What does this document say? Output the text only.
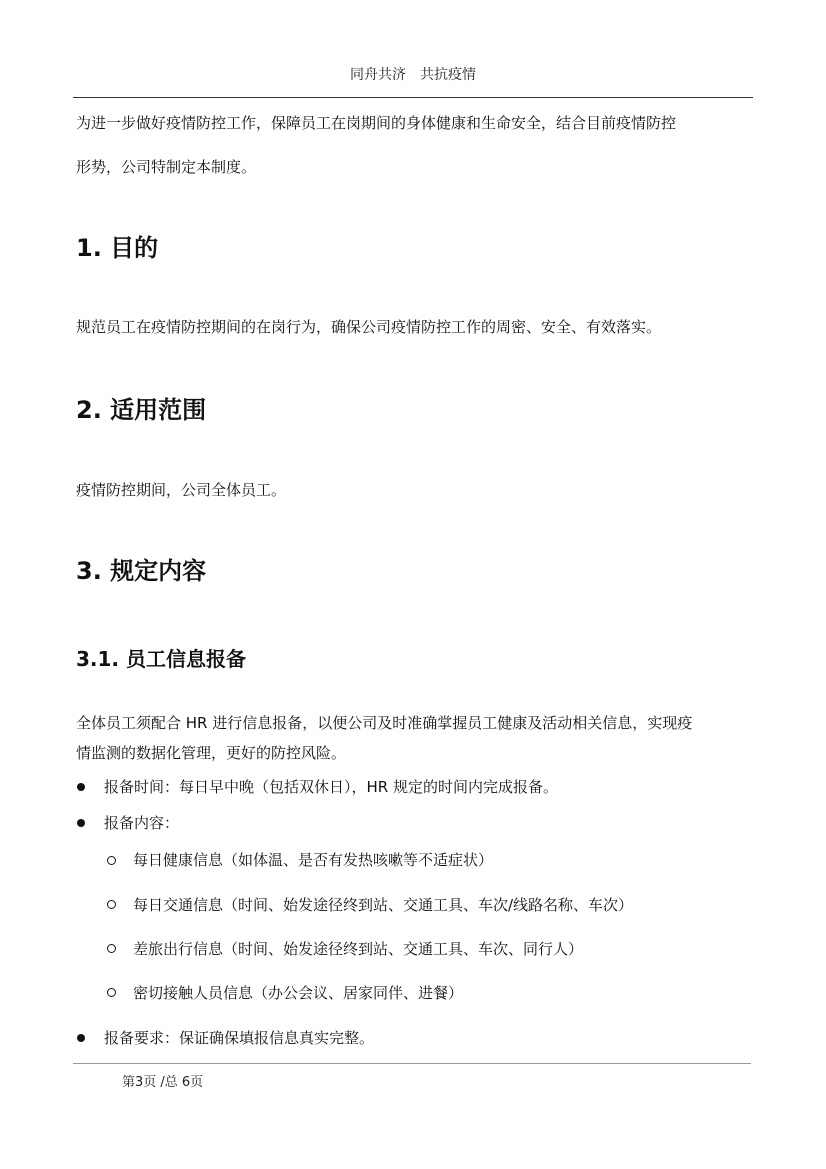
同舟共济　共抗疫情
为进一步做好疫情防控工作，保障员工在岗期间的身体健康和生命安全，结合目前疫情防控
形势，公司特制定本制度。
1. 目的
规范员工在疫情防控期间的在岗行为，确保公司疫情防控工作的周密、安全、有效落实。
2. 适用范围
疫情防控期间，公司全体员工。
3. 规定内容
3.1. 员工信息报备
全体员工须配合 HR 进行信息报备，以便公司及时准确掌握员工健康及活动相关信息，实现疫
情监测的数据化管理，更好的防控风险。
报备时间：每日早中晚（包括双休日），HR 规定的时间内完成报备。
报备内容：
每日健康信息（如体温、是否有发热咳嗽等不适症状）
每日交通信息（时间、始发途径终到站、交通工具、车次/线路名称、车次）
差旅出行信息（时间、始发途径终到站、交通工具、车次、同行人）
密切接触人员信息（办公会议、居家同伴、进餐）
报备要求：保证确保填报信息真实完整。
第3页 /总 6页
